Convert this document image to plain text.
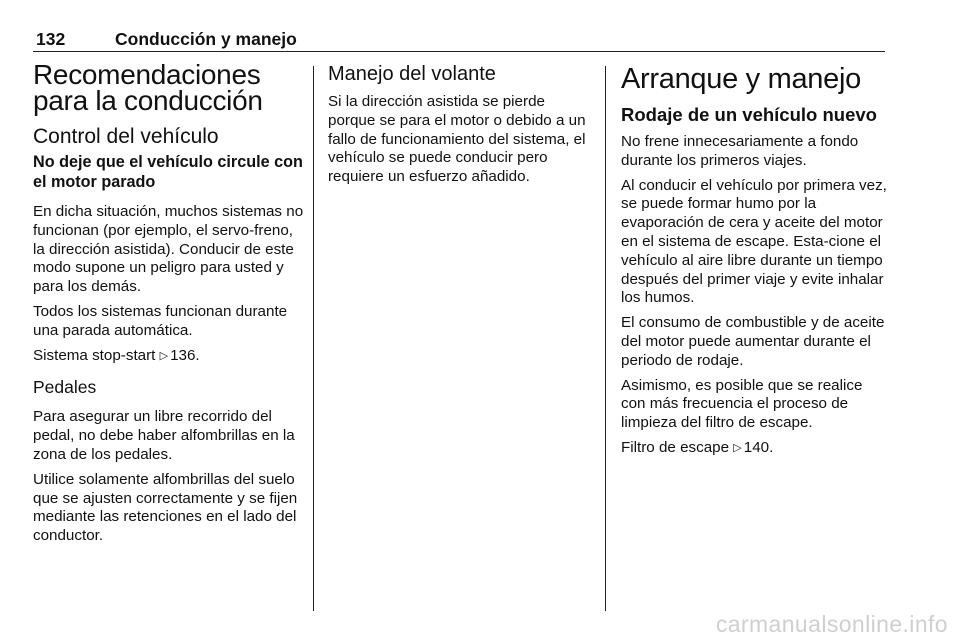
132	Conducción y manejo
Recomendaciones para la conducción
Control del vehículo
No deje que el vehículo circule con el motor parado

En dicha situación, muchos sistemas no funcionan (por ejemplo, el servo‑freno, la dirección asistida). Conducir de este modo supone un peligro para usted y para los demás.

Todos los sistemas funcionan durante una parada automática.

Sistema stop-start ▷ 136.

Pedales

Para asegurar un libre recorrido del pedal, no debe haber alfombrillas en la zona de los pedales.

Utilice solamente alfombrillas del suelo que se ajusten correctamente y se fijen mediante las retenciones en el lado del conductor.

Manejo del volante

Si la dirección asistida se pierde porque se para el motor o debido a un fallo de funcionamiento del sistema, el vehículo se puede conducir pero requiere un esfuerzo añadido.

Arranque y manejo
Rodaje de un vehículo nuevo

No frene innecesariamente a fondo durante los primeros viajes.

Al conducir el vehículo por primera vez, se puede formar humo por la evaporación de cera y aceite del motor en el sistema de escape. Esta‑cione el vehículo al aire libre durante un tiempo después del primer viaje y evite inhalar los humos.

El consumo de combustible y de aceite del motor puede aumentar durante el periodo de rodaje.

Asimismo, es posible que se realice con más frecuencia el proceso de limpieza del filtro de escape.

Filtro de escape ▷ 140.

carmanualsonline.info
